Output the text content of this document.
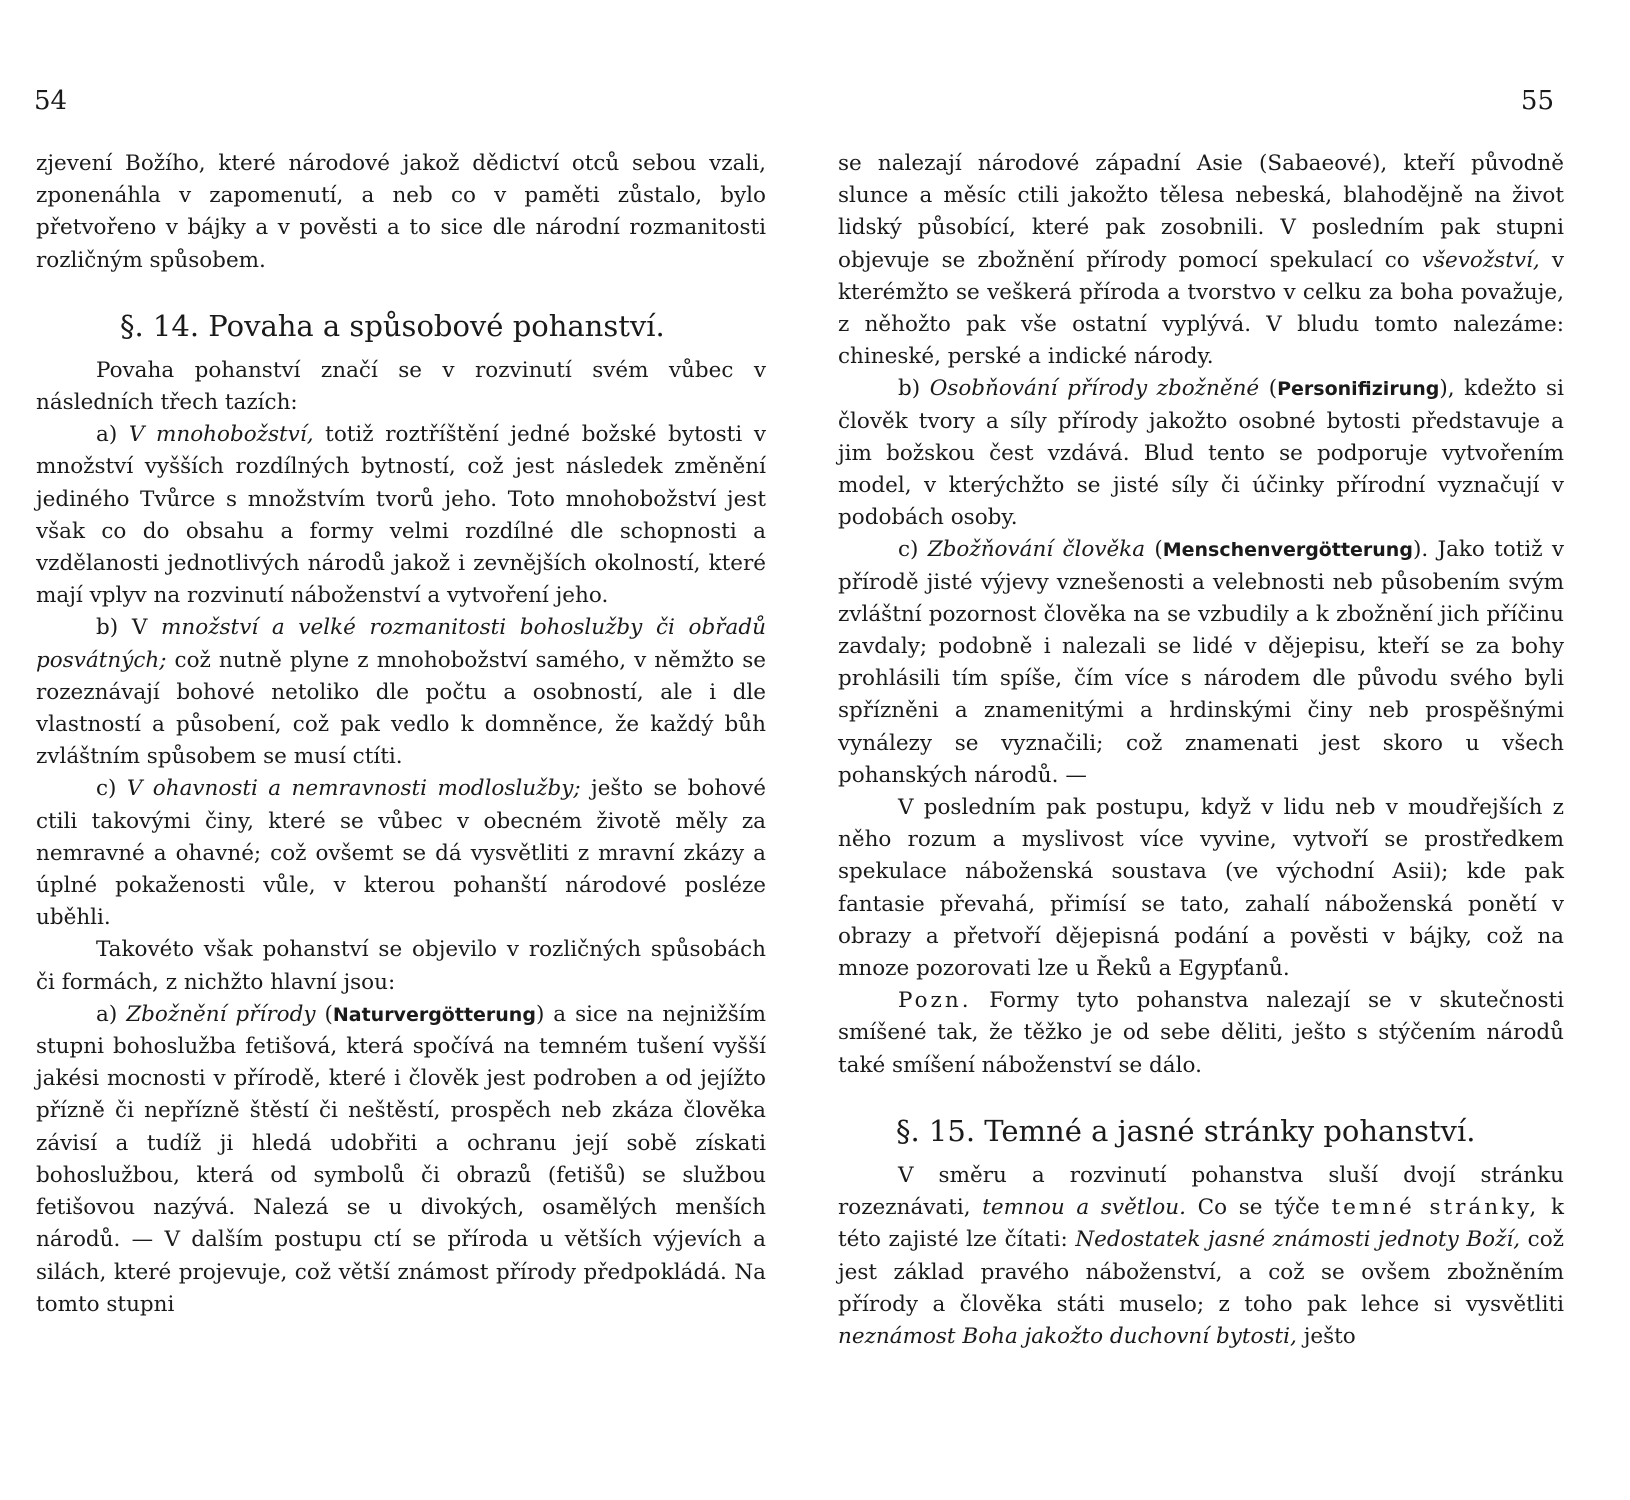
54	55

zjevení Božího, které národové jakož dědictví otců sebou vzali, zponenáhla v zapomenutí, a neb co v paměti zůstalo, bylo přetvořeno v bájky a v pověsti a to sice dle národní rozmanitosti rozličným spůsobem.

§. 14. Povaha a spůsobové pohanství.

Povaha pohanství značí se v rozvinutí svém vůbec v následních třech tazích:

a) V mnohobožství, totiž roztříštění jedné božské bytosti v množství vyšších rozdílných bytností, což jest následek změnění jediného Tvůrce s množstvím tvorů jeho. Toto mnohobožství jest však co do obsahu a formy velmi rozdílné dle schopnosti a vzdělanosti jednotlivých národů jakož i zevnějších okolností, které mají vplyv na rozvinutí náboženství a vytvoření jeho.

b) V množství a velké rozmanitosti bohoslužby či obřadů posvátných; což nutně plyne z mnohobožství samého, v němžto se rozeznávají bohové netoliko dle počtu a osobností, ale i dle vlastností a působení, což pak vedlo k domněnce, že každý bůh zvláštním spůsobem se musí ctíti.

c) V ohavnosti a nemravnosti modloslužby; ješto se bohové ctili takovými činy, které se vůbec v obecném životě měly za nemravné a ohavné; což ovšemt se dá vysvětliti z mravní zkázy a úplné pokaženosti vůle, v kterou pohanští národové posléze uběhli.

Takovéto však pohanství se objevilo v rozličných spůsobách či formách, z nichžto hlavní jsou:

a) Zbožnění přírody (Naturvergötterung) a sice na nejnižším stupni bohoslužba fetišová, která spočívá na temném tušení vyšší jakési mocnosti v přírodě, které i člověk jest podroben a od jejížto přízně či nepřízně štěstí či neštěstí, prospěch neb zkáza člověka závisí a tudíž ji hledá udobřiti a ochranu její sobě získati bohoslužbou, která od symbolů či obrazů (fetišů) se službou fetišovou nazývá. Nalezá se u divokých, osamělých menších národů. — V dalším postupu ctí se příroda u větších výjevích a silách, které projevuje, což větší známost přírody předpokládá. Na tomto stupni

se nalezají národové západní Asie (Sabaeové), kteří původně slunce a měsíc ctili jakožto tělesa nebeská, blahodějně na život lidský působící, které pak zosobnili. V posledním pak stupni objevuje se zbožnění přírody pomocí spekulací co vševožství, v kterémžto se veškerá příroda a tvorstvo v celku za boha považuje, z něhožto pak vše ostatní vyplývá. V bludu tomto nalezáme: chineské, perské a indické národy.

b) Osobňování přírody zbožněné (Personifizirung), kdežto si člověk tvory a síly přírody jakožto osobné bytosti představuje a jim božskou čest vzdává. Blud tento se podporuje vytvořením model, v kterýchžto se jisté síly či účinky přírodní vyznačují v podobách osoby.

c) Zbožňování člověka (Menschenvergötterung). Jako totiž v přírodě jisté výjevy vznešenosti a velebnosti neb působením svým zvláštní pozornost člověka na se vzbudily a k zbožnění jich příčinu zavdaly; podobně i nalezali se lidé v dějepisu, kteří se za bohy prohlásili tím spíše, čím více s národem dle původu svého byli spřízněni a znamenitými a hrdinskými činy neb prospěšnými vynálezy se vyznačili; což znamenati jest skoro u všech pohanských národů. —

V posledním pak postupu, když v lidu neb v moudřejších z něho rozum a myslivost více vyvine, vytvoří se prostředkem spekulace náboženská soustava (ve východní Asii); kde pak fantasie převahá, přimísí se tato, zahalí náboženská ponětí v obrazy a přetvoří dějepisná podání a pověsti v bájky, což na mnoze pozorovati lze u Řeků a Egypťanů.

Pozn. Formy tyto pohanstva nalezají se v skutečnosti smíšené tak, že těžko je od sebe děliti, ješto s stýčením národů také smíšení náboženství se dálo.

§. 15. Temné a jasné stránky pohanství.

V směru a rozvinutí pohanstva sluší dvojí stránku rozeznávati, temnou a světlou. Co se týče temné stránky, k této zajisté lze čítati: Nedostatek jasné známosti jednoty Boží, což jest základ pravého náboženství, a což se ovšem zbožněním přírody a člověka státi muselo; z toho pak lehce si vysvětliti neznámost Boha jakožto duchovní bytosti, ješto
